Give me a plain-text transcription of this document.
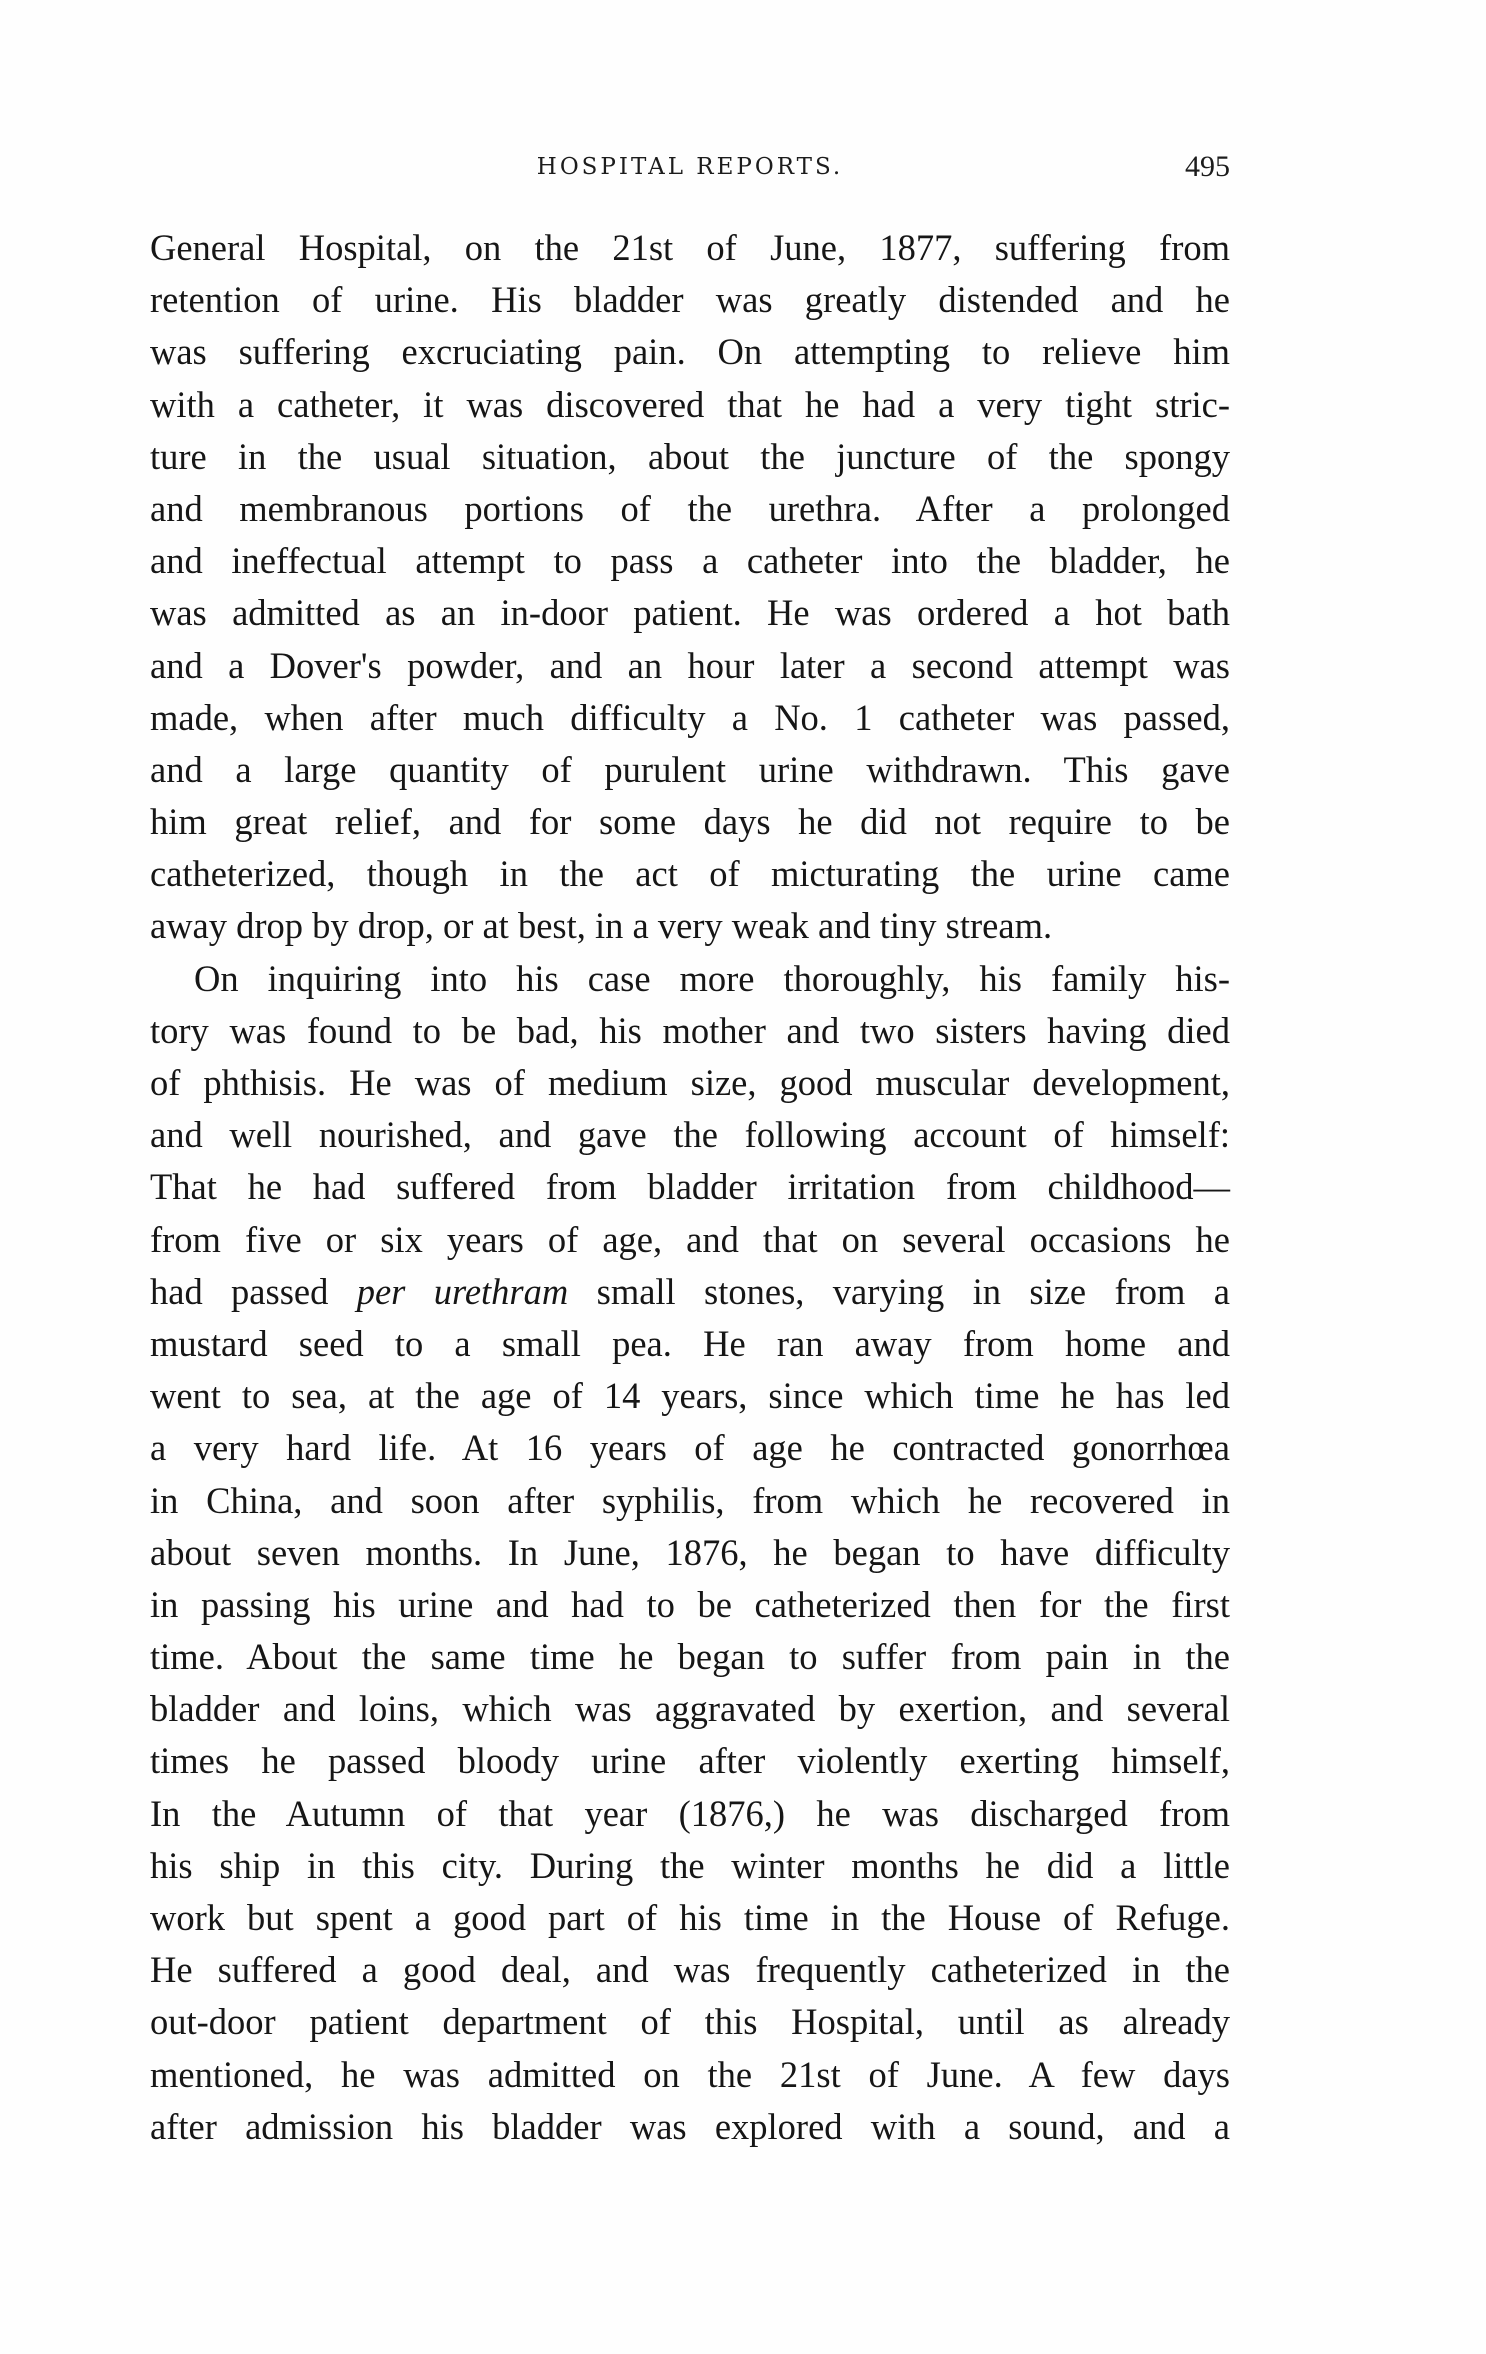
HOSPITAL REPORTS.	495
General Hospital, on the 21st of June, 1877, suffering from
retention of urine. His bladder was greatly distended and he
was suffering excruciating pain. On attempting to relieve him
with a catheter, it was discovered that he had a very tight stric-
ture in the usual situation, about the juncture of the spongy
and membranous portions of the urethra. After a prolonged
and ineffectual attempt to pass a catheter into the bladder, he
was admitted as an in-door patient. He was ordered a hot bath
and a Dover's powder, and an hour later a second attempt was
made, when after much difficulty a No. 1 catheter was passed,
and a large quantity of purulent urine withdrawn. This gave
him great relief, and for some days he did not require to be
catheterized, though in the act of micturating the urine came
away drop by drop, or at best, in a very weak and tiny stream.
On inquiring into his case more thoroughly, his family his-
tory was found to be bad, his mother and two sisters having died
of phthisis. He was of medium size, good muscular development,
and well nourished, and gave the following account of himself:
That he had suffered from bladder irritation from childhood—
from five or six years of age, and that on several occasions he
had passed per urethram small stones, varying in size from a
mustard seed to a small pea. He ran away from home and
went to sea, at the age of 14 years, since which time he has led
a very hard life. At 16 years of age he contracted gonorrhœa
in China, and soon after syphilis, from which he recovered in
about seven months. In June, 1876, he began to have difficulty
in passing his urine and had to be catheterized then for the first
time. About the same time he began to suffer from pain in the
bladder and loins, which was aggravated by exertion, and several
times he passed bloody urine after violently exerting himself,
In the Autumn of that year (1876,) he was discharged from
his ship in this city. During the winter months he did a little
work but spent a good part of his time in the House of Refuge.
He suffered a good deal, and was frequently catheterized in the
out-door patient department of this Hospital, until as already
mentioned, he was admitted on the 21st of June. A few days
after admission his bladder was explored with a sound, and a
